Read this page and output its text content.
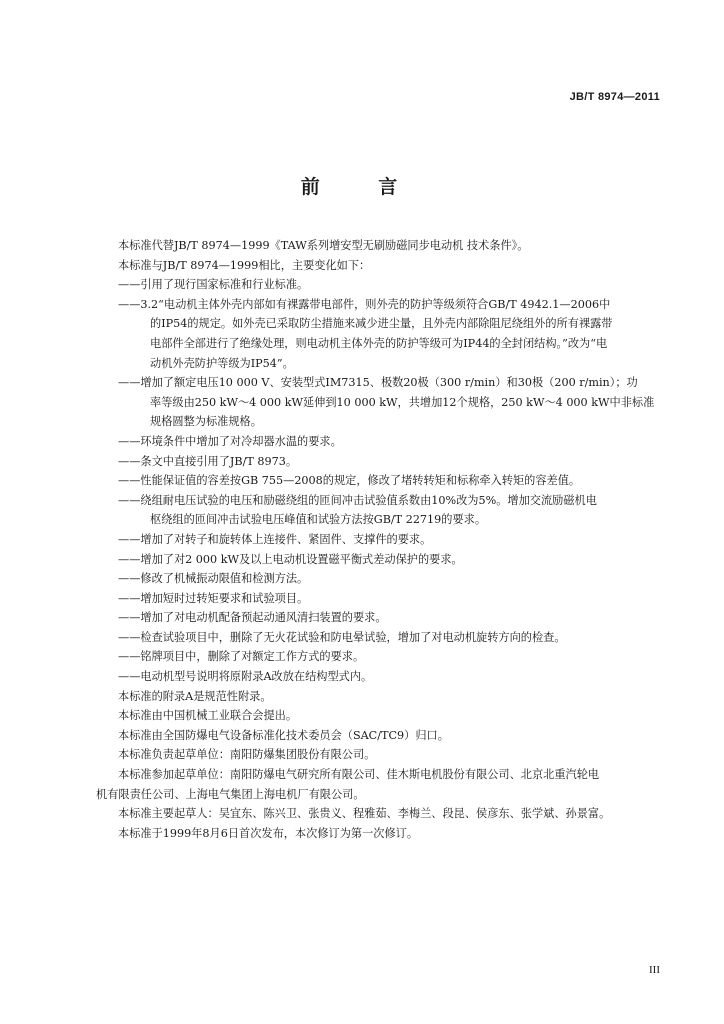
JB/T 8974—2011
前 言
本标准代替JB/T 8974—1999《TAW系列增安型无刷励磁同步电动机 技术条件》。
本标准与JB/T 8974—1999相比，主要变化如下：
——引用了现行国家标准和行业标准。
——3.2“电动机主体外壳内部如有裸露带电部件，则外壳的防护等级须符合GB/T 4942.1—2006中
的IP54的规定。如外壳已采取防尘措施来减少进尘量，且外壳内部除阻尼绕组外的所有裸露带
电部件全部进行了绝缘处理，则电动机主体外壳的防护等级可为IP44的全封闭结构。”改为“电
动机外壳防护等级为IP54”。
——增加了额定电压10 000 V、安装型式IM7315、极数20极（300 r/min）和30极（200 r/min）；功
率等级由250 kW～4 000 kW延伸到10 000 kW，共增加12个规格，250 kW～4 000 kW中非标准
规格圆整为标准规格。
——环境条件中增加了对冷却器水温的要求。
——条文中直接引用了JB/T 8973。
——性能保证值的容差按GB 755—2008的规定，修改了堵转转矩和标称牵入转矩的容差值。
——绕组耐电压试验的电压和励磁绕组的匝间冲击试验值系数由10%改为5%。增加交流励磁机电
枢绕组的匝间冲击试验电压峰值和试验方法按GB/T 22719的要求。
——增加了对转子和旋转体上连接件、紧固件、支撑件的要求。
——增加了对2 000 kW及以上电动机设置磁平衡式差动保护的要求。
——修改了机械振动限值和检测方法。
——增加短时过转矩要求和试验项目。
——增加了对电动机配备预起动通风清扫装置的要求。
——检查试验项目中，删除了无火花试验和防电晕试验，增加了对电动机旋转方向的检查。
——铭牌项目中，删除了对额定工作方式的要求。
——电动机型号说明将原附录A改放在结构型式内。
本标准的附录A是规范性附录。
本标准由中国机械工业联合会提出。
本标准由全国防爆电气设备标准化技术委员会（SAC/TC9）归口。
本标准负责起草单位：南阳防爆集团股份有限公司。
本标准参加起草单位：南阳防爆电气研究所有限公司、佳木斯电机股份有限公司、北京北重汽轮电
机有限责任公司、上海电气集团上海电机厂有限公司。
本标准主要起草人：吴宜东、陈兴卫、张贵义、程雅茹、李梅兰、段昆、侯彦东、张学斌、孙景富。
本标准于1999年8月6日首次发布，本次修订为第一次修订。
III
